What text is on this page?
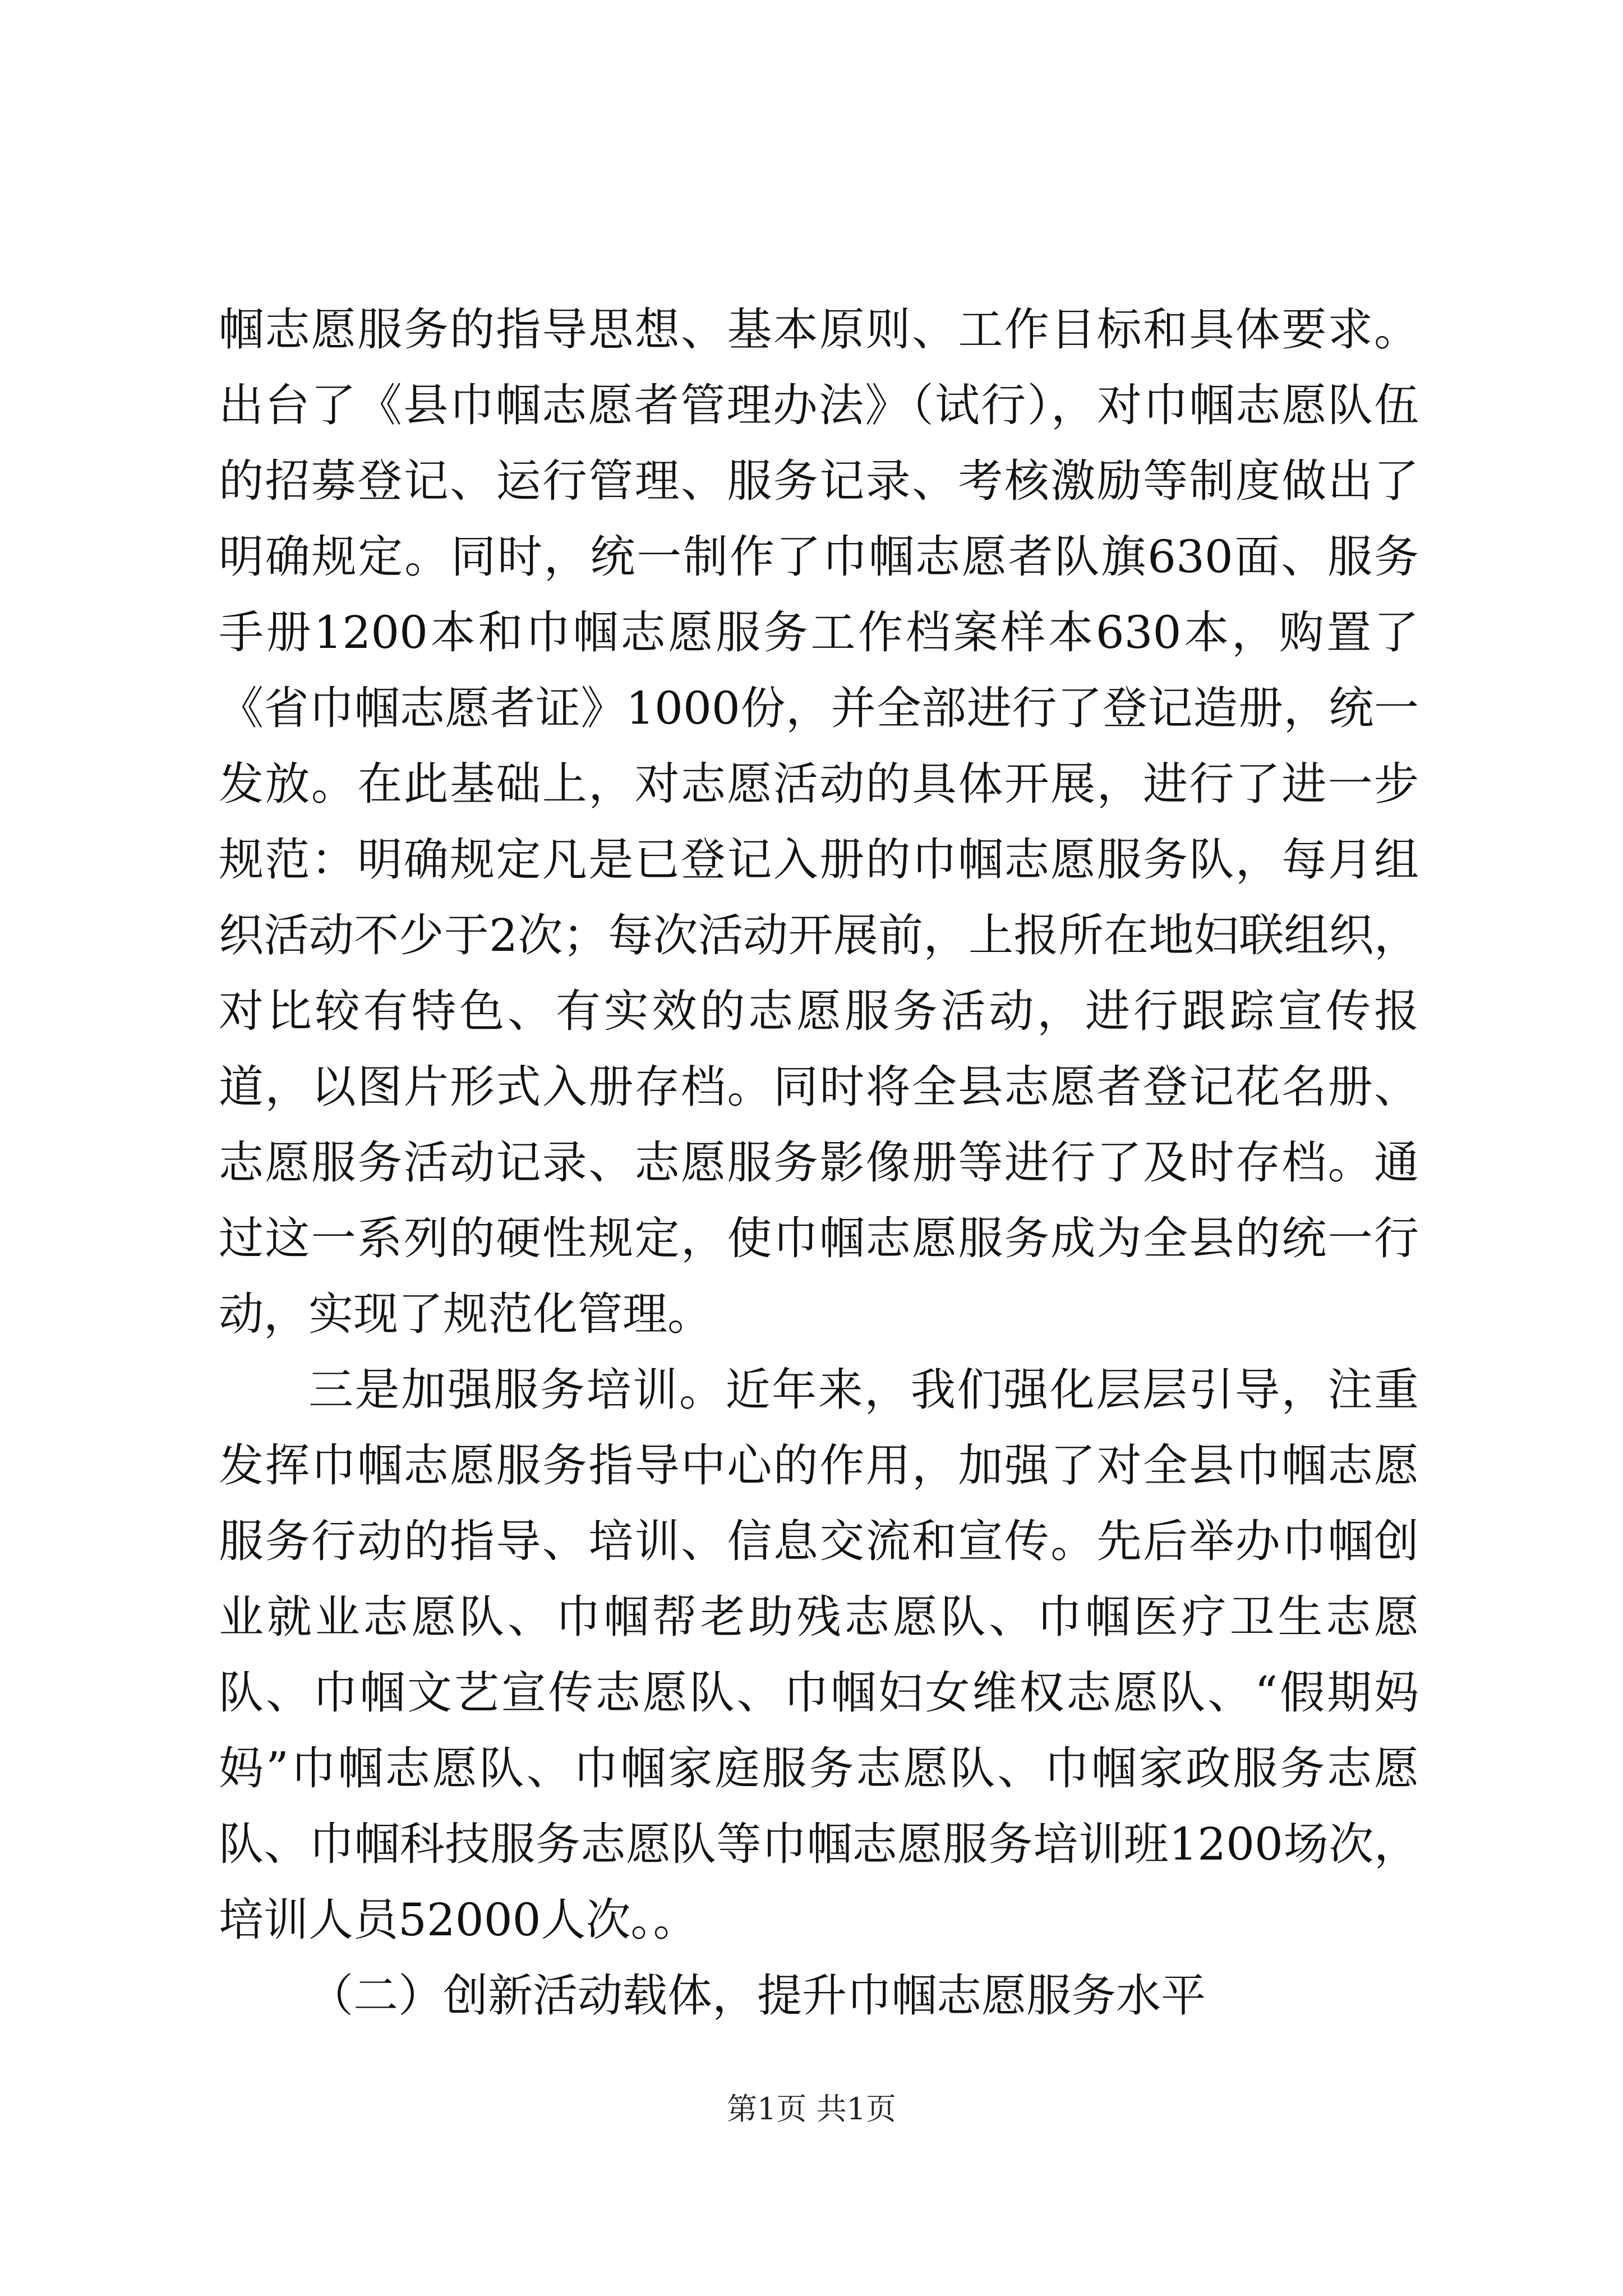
帼志愿服务的指导思想、基本原则、工作目标和具体要求。出台了《县巾帼志愿者管理办法》（试行），对巾帼志愿队伍的招募登记、运行管理、服务记录、考核激励等制度做出了明确规定。同时，统一制作了巾帼志愿者队旗630面、服务手册1200本和巾帼志愿服务工作档案样本630本，购置了《省巾帼志愿者证》1000份，并全部进行了登记造册，统一发放。在此基础上，对志愿活动的具体开展，进行了进一步规范：明确规定凡是已登记入册的巾帼志愿服务队，每月组织活动不少于2次；每次活动开展前，上报所在地妇联组织，对比较有特色、有实效的志愿服务活动，进行跟踪宣传报道，以图片形式入册存档。同时将全县志愿者登记花名册、志愿服务活动记录、志愿服务影像册等进行了及时存档。通过这一系列的硬性规定，使巾帼志愿服务成为全县的统一行动，实现了规范化管理。

三是加强服务培训。近年来，我们强化层层引导，注重发挥巾帼志愿服务指导中心的作用，加强了对全县巾帼志愿服务行动的指导、培训、信息交流和宣传。先后举办巾帼创业就业志愿队、巾帼帮老助残志愿队、巾帼医疗卫生志愿队、巾帼文艺宣传志愿队、巾帼妇女维权志愿队、“假期妈妈”巾帼志愿队、巾帼家庭服务志愿队、巾帼家政服务志愿队、巾帼科技服务志愿队等巾帼志愿服务培训班1200场次，培训人员52000人次。。

（二）创新活动载体，提升巾帼志愿服务水平

第1页 共1页
